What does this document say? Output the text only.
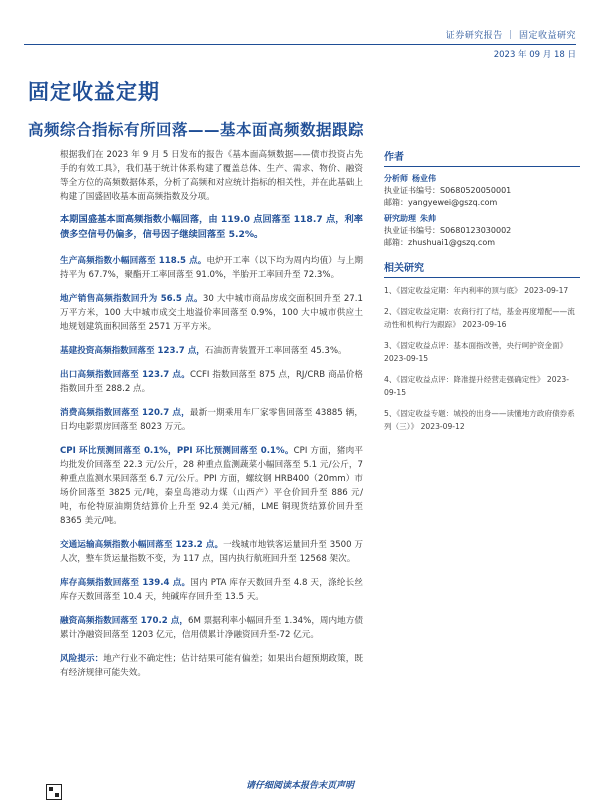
证券研究报告 ｜ 固定收益研究
2023 年 09 月 18 日
固定收益定期
高频综合指标有所回落——基本面高频数据跟踪

根据我们在 2023 年 9 月 5 日发布的报告《基本面高频数据——债市投资占先手的有效工具》，我们基于统计体系构建了覆盖总体、生产、需求、物价、融资等全方位的高频数据体系，分析了高频和对应统计指标的相关性，并在此基础上构建了国盛固收基本面高频指数及分项。

本期国盛基本面高频指数小幅回落，由 119.0 点回落至 118.7 点，利率债多空信号仍偏多，信号因子继续回落至 5.2%。

生产高频指数小幅回落至 118.5 点。电炉开工率（以下均为周内均值）与上期持平为 67.7%，聚酯开工率回落至 91.0%，半胎开工率回升至 72.3%。

地产销售高频指数回升为 56.5 点。30 大中城市商品房成交面积回升至 27.1 万平方米，100 大中城市成交土地溢价率回落至 0.9%，100 大中城市供应土地规划建筑面积回落至 2571 万平方米。

基建投资高频指数回落至 123.7 点，石油沥青装置开工率回落至 45.3%。

出口高频指数回落至 123.7 点。CCFI 指数回落至 875 点，RJ/CRB 商品价格指数回升至 288.2 点。

消费高频指数回落至 120.7 点，最新一期乘用车厂家零售回落至 43885 辆，日均电影票房回落至 8023 万元。

CPI 环比预测回落至 0.1%，PPI 环比预测回落至 0.1%。CPI 方面，猪肉平均批发价回落至 22.3 元/公斤，28 种重点监测蔬菜小幅回落至 5.1 元/公斤，7 种重点监测水果回落至 6.7 元/公斤。PPI 方面，螺纹钢 HRB400（20mm）市场价回落至 3825 元/吨，秦皇岛港动力煤（山西产）平仓价回升至 886 元/吨，布伦特原油期货结算价上升至 92.4 美元/桶，LME 铜现货结算价回升至 8365 美元/吨。

交通运输高频指数小幅回落至 123.2 点。一线城市地铁客运量回升至 3500 万人次，整车货运量指数不变，为 117 点，国内执行航班回升至 12568 架次。

库存高频指数回落至 139.4 点。国内 PTA 库存天数回升至 4.8 天，涤纶长丝库存天数回落至 10.4 天，纯碱库存回升至 13.5 天。

融资高频指数回落至 170.2 点，6M 票据利率小幅回升至 1.34%，周内地方债累计净融资回落至 1203 亿元，信用债累计净融资回升至-72 亿元。

风险提示：地产行业不确定性；估计结果可能有偏差；如果出台超预期政策，既有经济规律可能失效。

作者
分析师 杨业伟
执业证书编号：S0680520050001
邮箱：yangyewei@gszq.com
研究助理 朱帅
执业证书编号：S0680123030002
邮箱：zhushuai1@gszq.com
相关研究
1、《固定收益定期：年内利率的顶与底》 2023-09-17
2、《固定收益定期：农商行打了结，基金再度增配——流动性和机构行为跟踪》 2023-09-16
3、《固定收益点评：基本面指改善，央行呵护资金面》 2023-09-15
4、《固定收益点评：降准提升经营走强确定性》 2023-09-15
5、《固定收益专题：城投的出身——读懂地方政府债券系列（三）》 2023-09-12
请仔细阅读本报告末页声明
